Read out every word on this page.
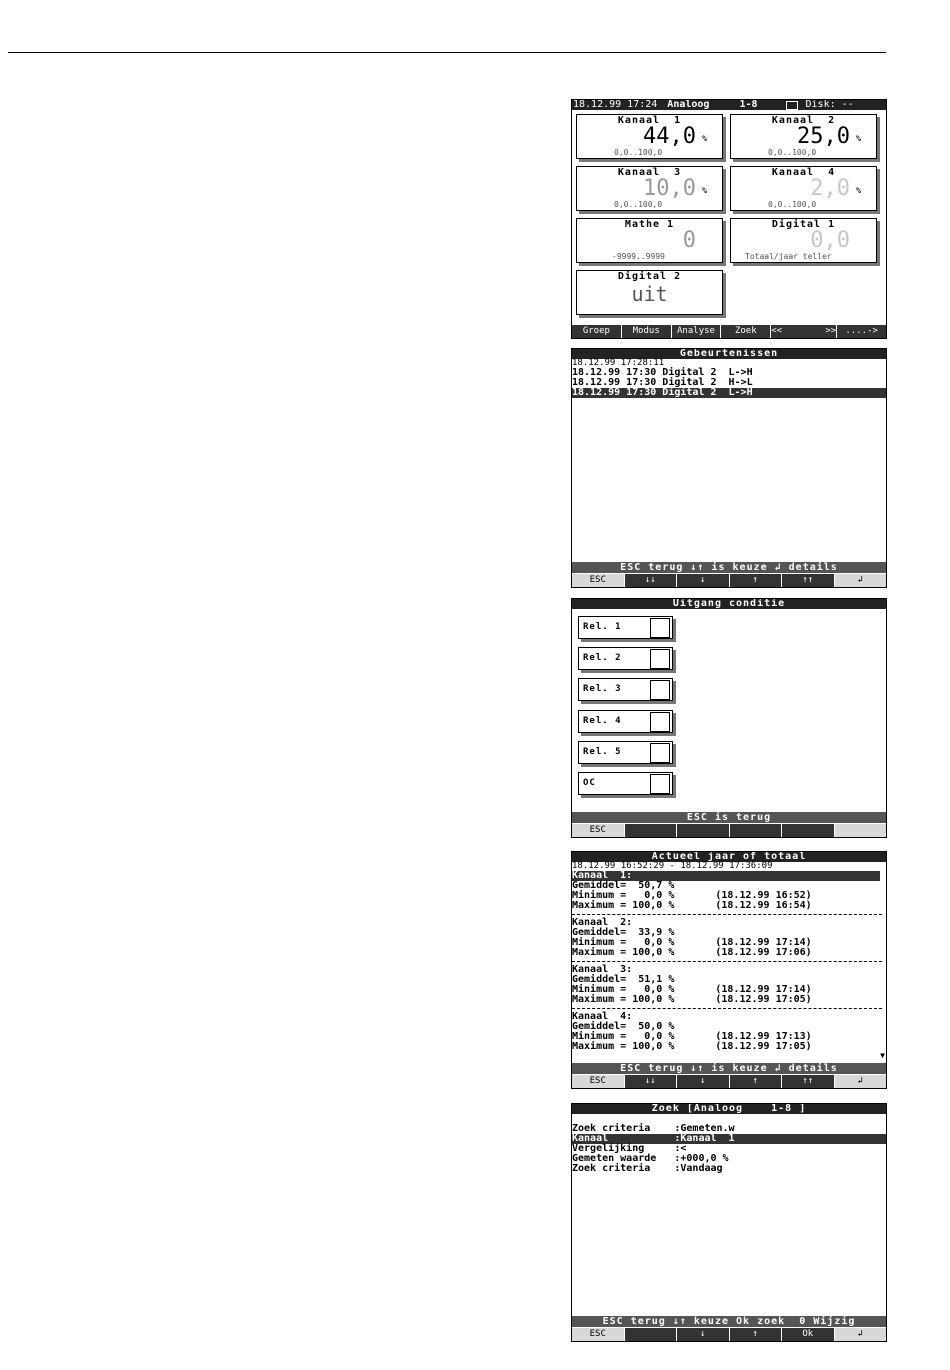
18.12.99 17:24 Analoog	1-8	Disk: --
Kanaal  1
44,0 %
0,0..100,0
Kanaal  2
25,0 %
0,0..100,0
Kanaal  3
10,0 %
0,0..100,0
Kanaal  4
2,0 %
0,0..100,0
Mathe 1
0
-9999..9999
Digital 1
0,0
Totaal/jaar teller
Digital 2
uit
Groep	Modus	Analyse	Zoek	<<        >>	....->
Gebeurtenissen
18.12.99 17:28:11
18.12.99 17:30 Digital 2  L->H
18.12.99 17:30 Digital 2  H->L
18.12.99 17:30 Digital 2  L->H
ESC terug ↓↑ is keuze ↲ details
ESC	↓↓	↓	↑	↑↑	↲
Uitgang conditie
Rel. 1
Rel. 2
Rel. 3
Rel. 4
Rel. 5
OC
ESC is terug
ESC
Actueel jaar of totaal
18.12.99 16:52:29 - 18.12.99 17:36:09
Kanaal  1:
Gemiddel=  50,7 %
Minimum =   0,0 %	(18.12.99 16:52)
Maximum = 100,0 %	(18.12.99 16:54)
Kanaal  2:
Gemiddel=  33,9 %
Minimum =   0,0 %	(18.12.99 17:14)
Maximum = 100,0 %	(18.12.99 17:06)
Kanaal  3:
Gemiddel=  51,1 %
Minimum =   0,0 %	(18.12.99 17:14)
Maximum = 100,0 %	(18.12.99 17:05)
Kanaal  4:
Gemiddel=  50,0 %
Minimum =   0,0 %	(18.12.99 17:13)
Maximum = 100,0 %	(18.12.99 17:05)
▼
ESC terug ↓↑ is keuze ↲ details
ESC	↓↓	↓	↑	↑↑	↲
Zoek [Analoog    1-8 ]
Zoek criteria    :Gemeten.w
Kanaal           :Kanaal  1
Vergelijking     :<
Gemeten waarde   :+000,0 %
Zoek criteria    :Vandaag
ESC terug ↓↑ keuze Ok zoek  0 Wijzig
ESC	↓	↑	Ok	↲
